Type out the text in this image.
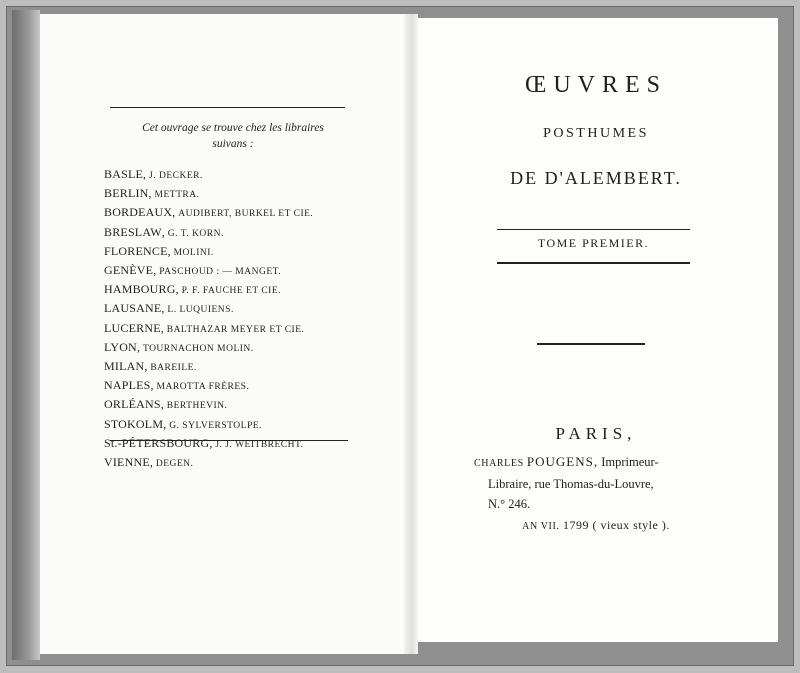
Cet ouvrage se trouve chez les libraires
suivans :
BASLE, J. DECKER.
BERLIN, METTRA.
BORDEAUX, AUDIBERT, BURKEL ET CIE.
BRESLAW, G. T. KORN.
FLORENCE, MOLINI.
GENÈVE, PASCHOUD : — MANGET.
HAMBOURG, P. F. FAUCHE ET CIE.
LAUSANE, L. LUQUIENS.
LUCERNE, BALTHAZAR MEYER ET CIE.
LYON, TOURNACHON MOLIN.
MILAN, BAREILE.
NAPLES, MAROTTA FRÈRES.
ORLÉANS, BERTHEVIN.
STOKOLM, G. SYLVERSTOLPE.
St.-PÉTERSBOURG, J. J. WEITBRECHT.
VIENNE, DEGEN.
ŒUVRES
POSTHUMES
DE D'ALEMBERT.
TOME PREMIER.
PARIS,
CHARLES POUGENS, Imprimeur-
Libraire, rue Thomas-du-Louvre,
N.° 246.
AN VII. 1799 ( vieux style ).
